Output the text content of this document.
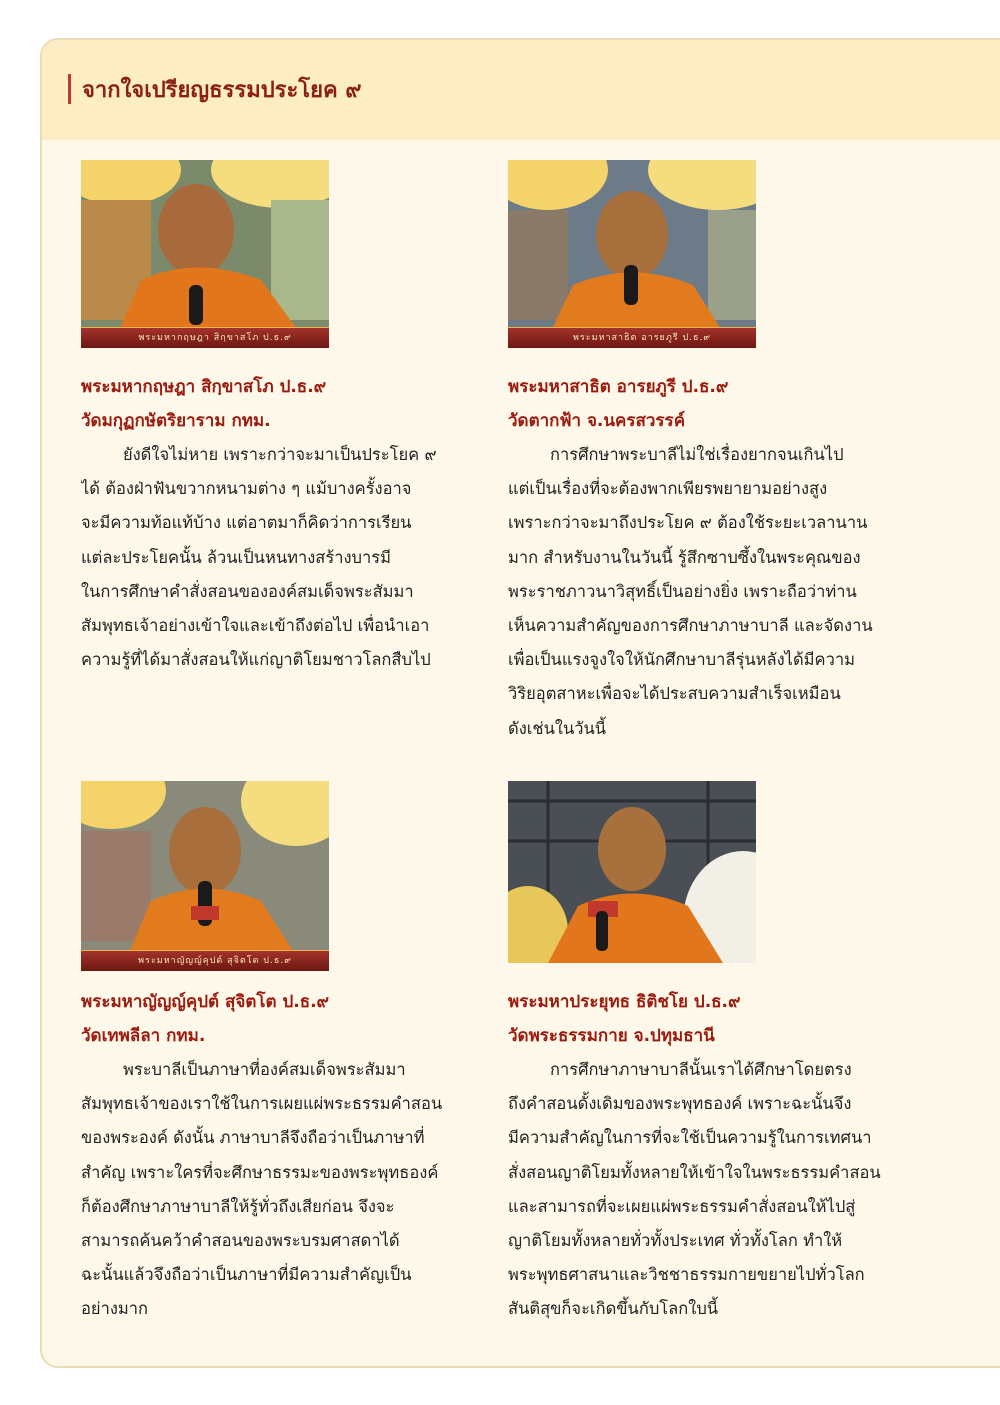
จากใจเปรียญธรรมประโยค ๙
พระมหากฤษฎา สิกฺขาสโภ ป.ธ.๙
พระมหากฤษฎา สิกฺขาสโภ ป.ธ.๙
วัดมกุฏกษัตริยาราม กทม.
ยังดีใจไม่หาย เพราะกว่าจะมาเป็นประโยค ๙
ได้ ต้องฝ่าฟันขวากหนามต่าง ๆ แม้บางครั้งอาจ
จะมีความท้อแท้บ้าง แต่อาตมาก็คิดว่าการเรียน
แต่ละประโยคนั้น ล้วนเป็นหนทางสร้างบารมี
ในการศึกษาคำสั่งสอนขององค์สมเด็จพระสัมมา
สัมพุทธเจ้าอย่างเข้าใจและเข้าถึงต่อไป เพื่อนำเอา
ความรู้ที่ได้มาสั่งสอนให้แก่ญาติโยมชาวโลกสืบไป
พระมหาสาธิต อารยภูรี ป.ธ.๙
พระมหาสาธิต อารยภูรี ป.ธ.๙
วัดตากฟ้า จ.นครสวรรค์
การศึกษาพระบาลีไม่ใช่เรื่องยากจนเกินไป
แต่เป็นเรื่องที่จะต้องพากเพียรพยายามอย่างสูง
เพราะกว่าจะมาถึงประโยค ๙ ต้องใช้ระยะเวลานาน
มาก สำหรับงานในวันนี้ รู้สึกซาบซึ้งในพระคุณของ
พระราชภาวนาวิสุทธิ์เป็นอย่างยิ่ง เพราะถือว่าท่าน
เห็นความสำคัญของการศึกษาภาษาบาลี และจัดงาน
เพื่อเป็นแรงจูงใจให้นักศึกษาบาลีรุ่นหลังได้มีความ
วิริยอุตสาหะเพื่อจะได้ประสบความสำเร็จเหมือน
ดังเช่นในวันนี้
พระมหาญัญญ์คุปต์ สุจิตโต ป.ธ.๙
พระมหาญัญญ์คุปต์ สุจิตโต ป.ธ.๙
วัดเทพลีลา กทม.
พระบาลีเป็นภาษาที่องค์สมเด็จพระสัมมา
สัมพุทธเจ้าของเราใช้ในการเผยแผ่พระธรรมคำสอน
ของพระองค์ ดังนั้น ภาษาบาลีจึงถือว่าเป็นภาษาที่
สำคัญ เพราะใครที่จะศึกษาธรรมะของพระพุทธองค์
ก็ต้องศึกษาภาษาบาลีให้รู้ทั่วถึงเสียก่อน จึงจะ
สามารถค้นคว้าคำสอนของพระบรมศาสดาได้
ฉะนั้นแล้วจึงถือว่าเป็นภาษาที่มีความสำคัญเป็น
อย่างมาก
พระมหาประยุทธ ธิติชโย ป.ธ.๙
วัดพระธรรมกาย จ.ปทุมธานี
การศึกษาภาษาบาลีนั้นเราได้ศึกษาโดยตรง
ถึงคำสอนดั้งเดิมของพระพุทธองค์ เพราะฉะนั้นจึง
มีความสำคัญในการที่จะใช้เป็นความรู้ในการเทศนา
สั่งสอนญาติโยมทั้งหลายให้เข้าใจในพระธรรมคำสอน
และสามารถที่จะเผยแผ่พระธรรมคำสั่งสอนให้ไปสู่
ญาติโยมทั้งหลายทั่วทั้งประเทศ ทั่วทั้งโลก ทำให้
พระพุทธศาสนาและวิชชาธรรมกายขยายไปทั่วโลก
สันติสุขก็จะเกิดขึ้นกับโลกใบนี้
